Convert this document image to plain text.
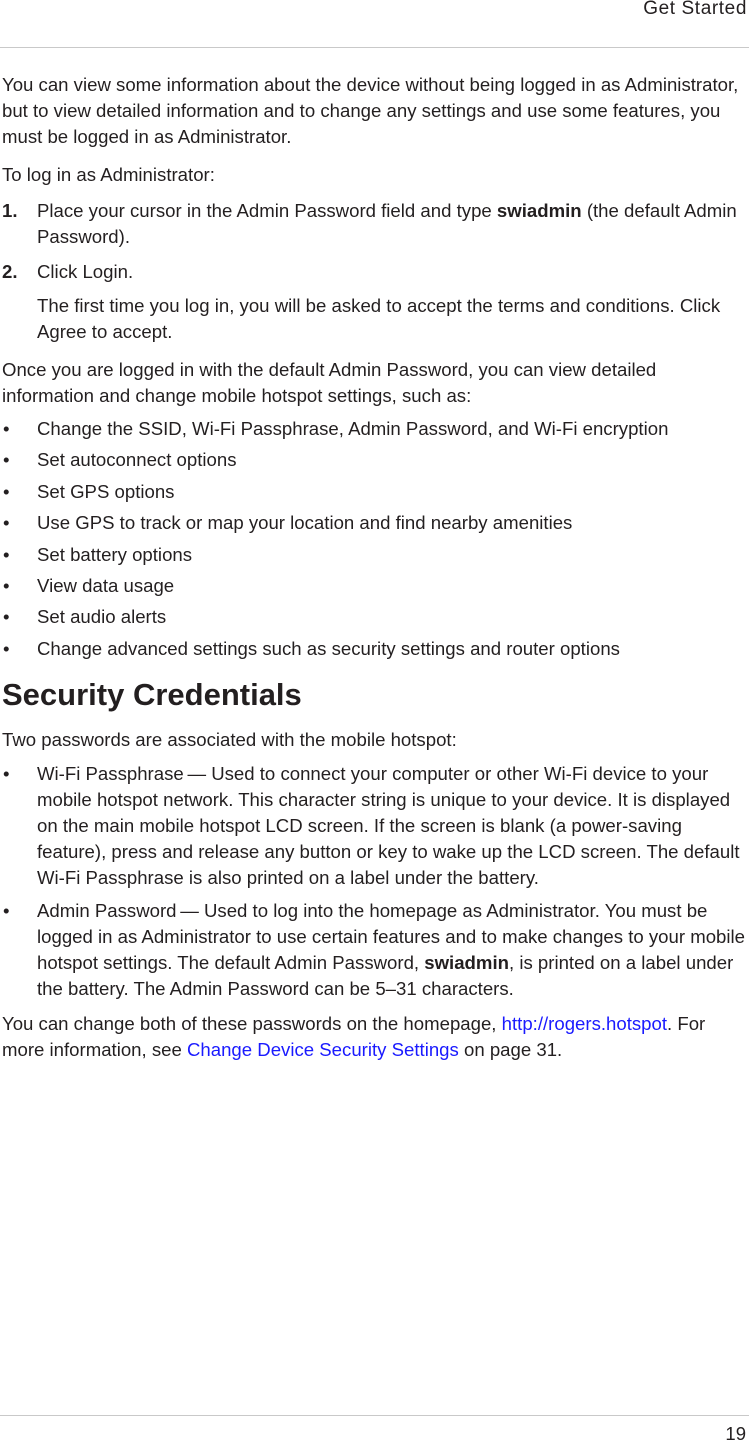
Get Started

You can view some information about the device without being logged in as Administrator, but to view detailed information and to change any settings and use some features, you must be logged in as Administrator.

To log in as Administrator:

1. Place your cursor in the Admin Password field and type swiadmin (the default Admin Password).
2. Click Login.

The first time you log in, you will be asked to accept the terms and conditions. Click Agree to accept.

Once you are logged in with the default Admin Password, you can view detailed information and change mobile hotspot settings, such as:

• Change the SSID, Wi-Fi Passphrase, Admin Password, and Wi-Fi encryption
• Set autoconnect options
• Set GPS options
• Use GPS to track or map your location and find nearby amenities
• Set battery options
• View data usage
• Set audio alerts
• Change advanced settings such as security settings and router options
Security Credentials

Two passwords are associated with the mobile hotspot:

• Wi-Fi Passphrase — Used to connect your computer or other Wi-Fi device to your mobile hotspot network. This character string is unique to your device. It is displayed on the main mobile hotspot LCD screen. If the screen is blank (a power-saving feature), press and release any button or key to wake up the LCD screen. The default Wi-Fi Passphrase is also printed on a label under the battery.
• Admin Password — Used to log into the homepage as Administrator. You must be logged in as Administrator to use certain features and to make changes to your mobile hotspot settings. The default Admin Password, swiadmin, is printed on a label under the battery. The Admin Password can be 5–31 characters.

You can change both of these passwords on the homepage, http://rogers.hotspot. For more information, see Change Device Security Settings on page 31.

19
